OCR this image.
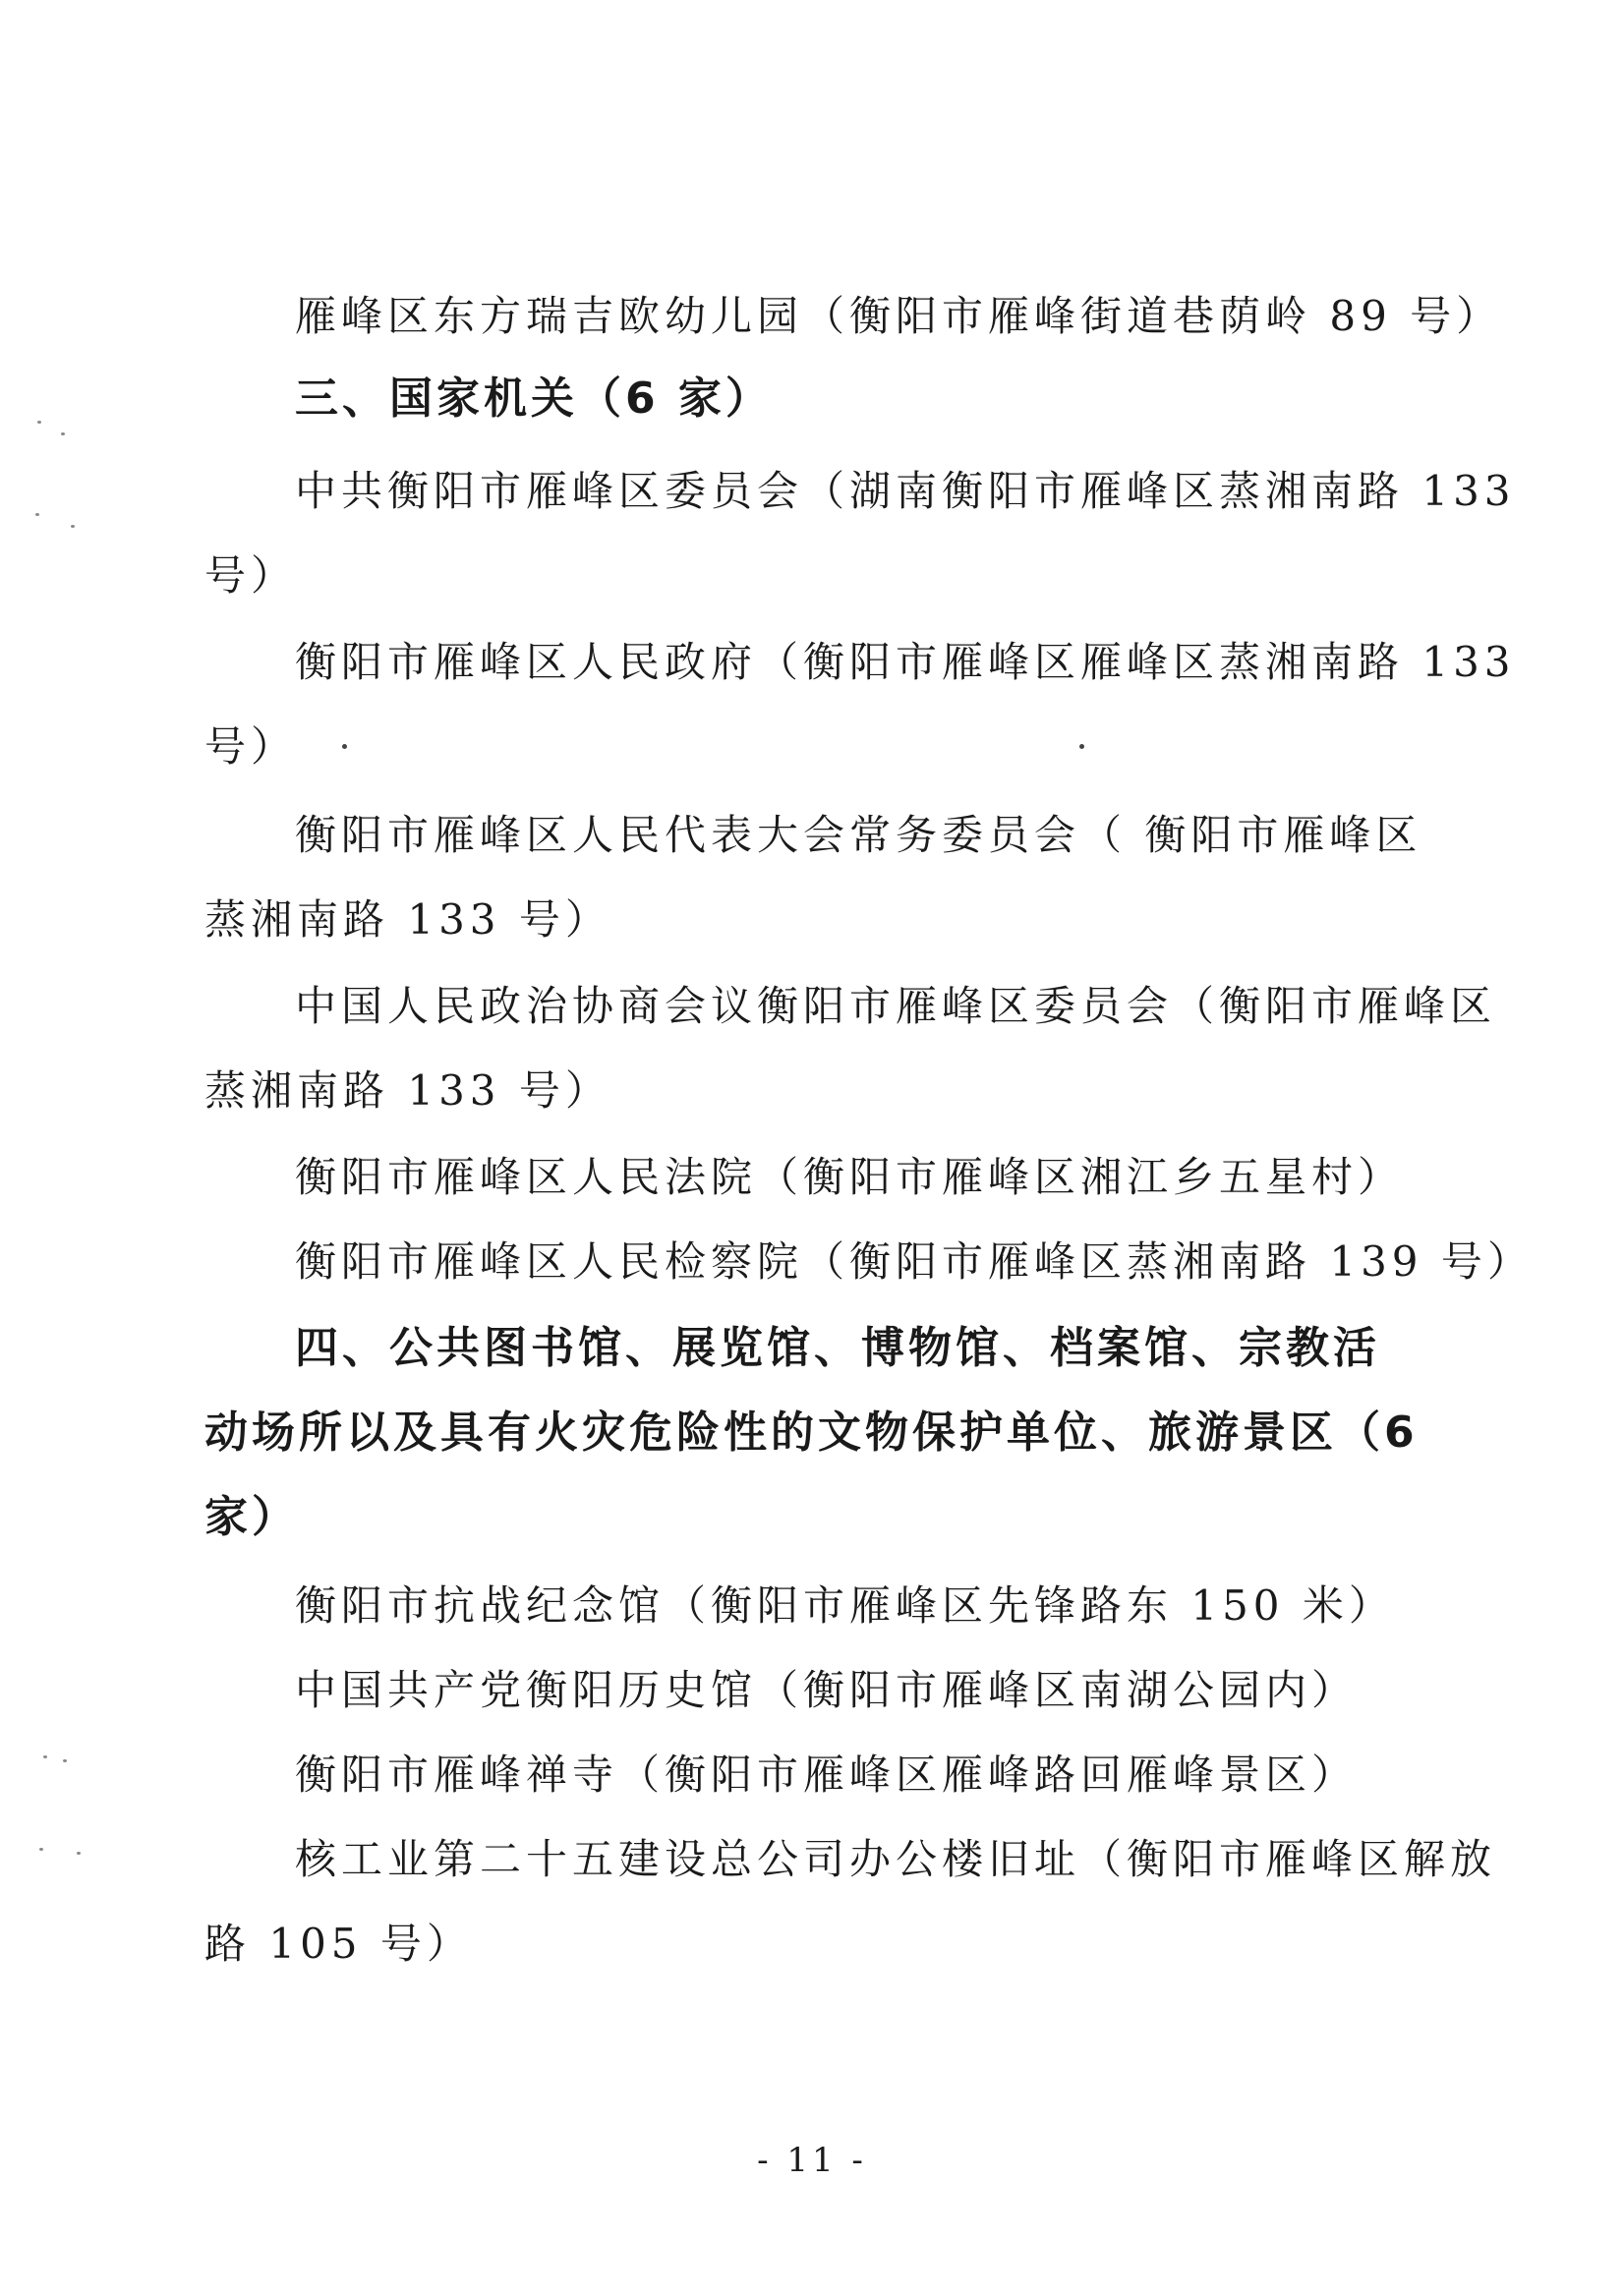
雁峰区东方瑞吉欧幼儿园（衡阳市雁峰街道巷荫岭 89 号）

三、国家机关（6 家）

中共衡阳市雁峰区委员会（湖南衡阳市雁峰区蒸湘南路 133

号）

衡阳市雁峰区人民政府（衡阳市雁峰区雁峰区蒸湘南路 133

号）

衡阳市雁峰区人民代表大会常务委员会（ 衡阳市雁峰区

蒸湘南路 133 号）

中国人民政治协商会议衡阳市雁峰区委员会（衡阳市雁峰区

蒸湘南路 133 号）

衡阳市雁峰区人民法院（衡阳市雁峰区湘江乡五星村）

衡阳市雁峰区人民检察院（衡阳市雁峰区蒸湘南路 139 号）

四、公共图书馆、展览馆、博物馆、档案馆、宗教活

动场所以及具有火灾危险性的文物保护单位、旅游景区（6

家）

衡阳市抗战纪念馆（衡阳市雁峰区先锋路东 150 米）

中国共产党衡阳历史馆（衡阳市雁峰区南湖公园内）

衡阳市雁峰禅寺（衡阳市雁峰区雁峰路回雁峰景区）

核工业第二十五建设总公司办公楼旧址（衡阳市雁峰区解放

路 105 号）

- 11 -
